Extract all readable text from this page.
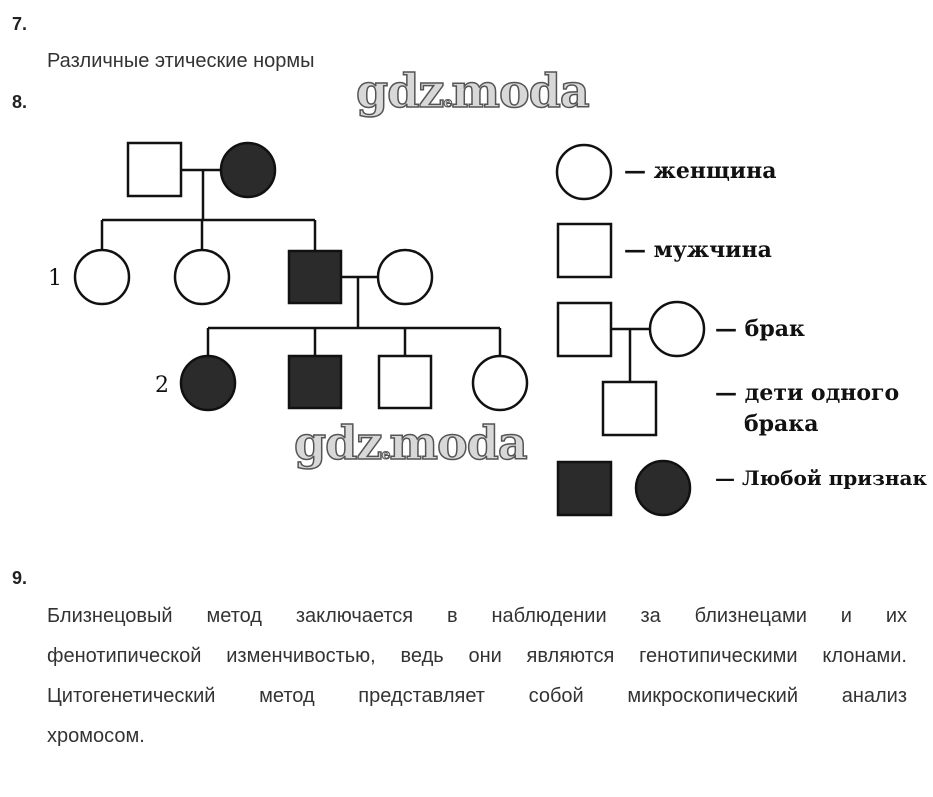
7.
Различные этические нормы
8.
1
2
— женщина
— мужчина
— брак
— дети одного
брака
— Любой признак
gdzemoda
gdzemoda
9.
Близнецовый метод заключается в наблюдении за близнецами и их
фенотипической изменчивостью, ведь они являются генотипическими клонами.
Цитогенетический метод представляет собой микроскопический анализ
хромосом.
